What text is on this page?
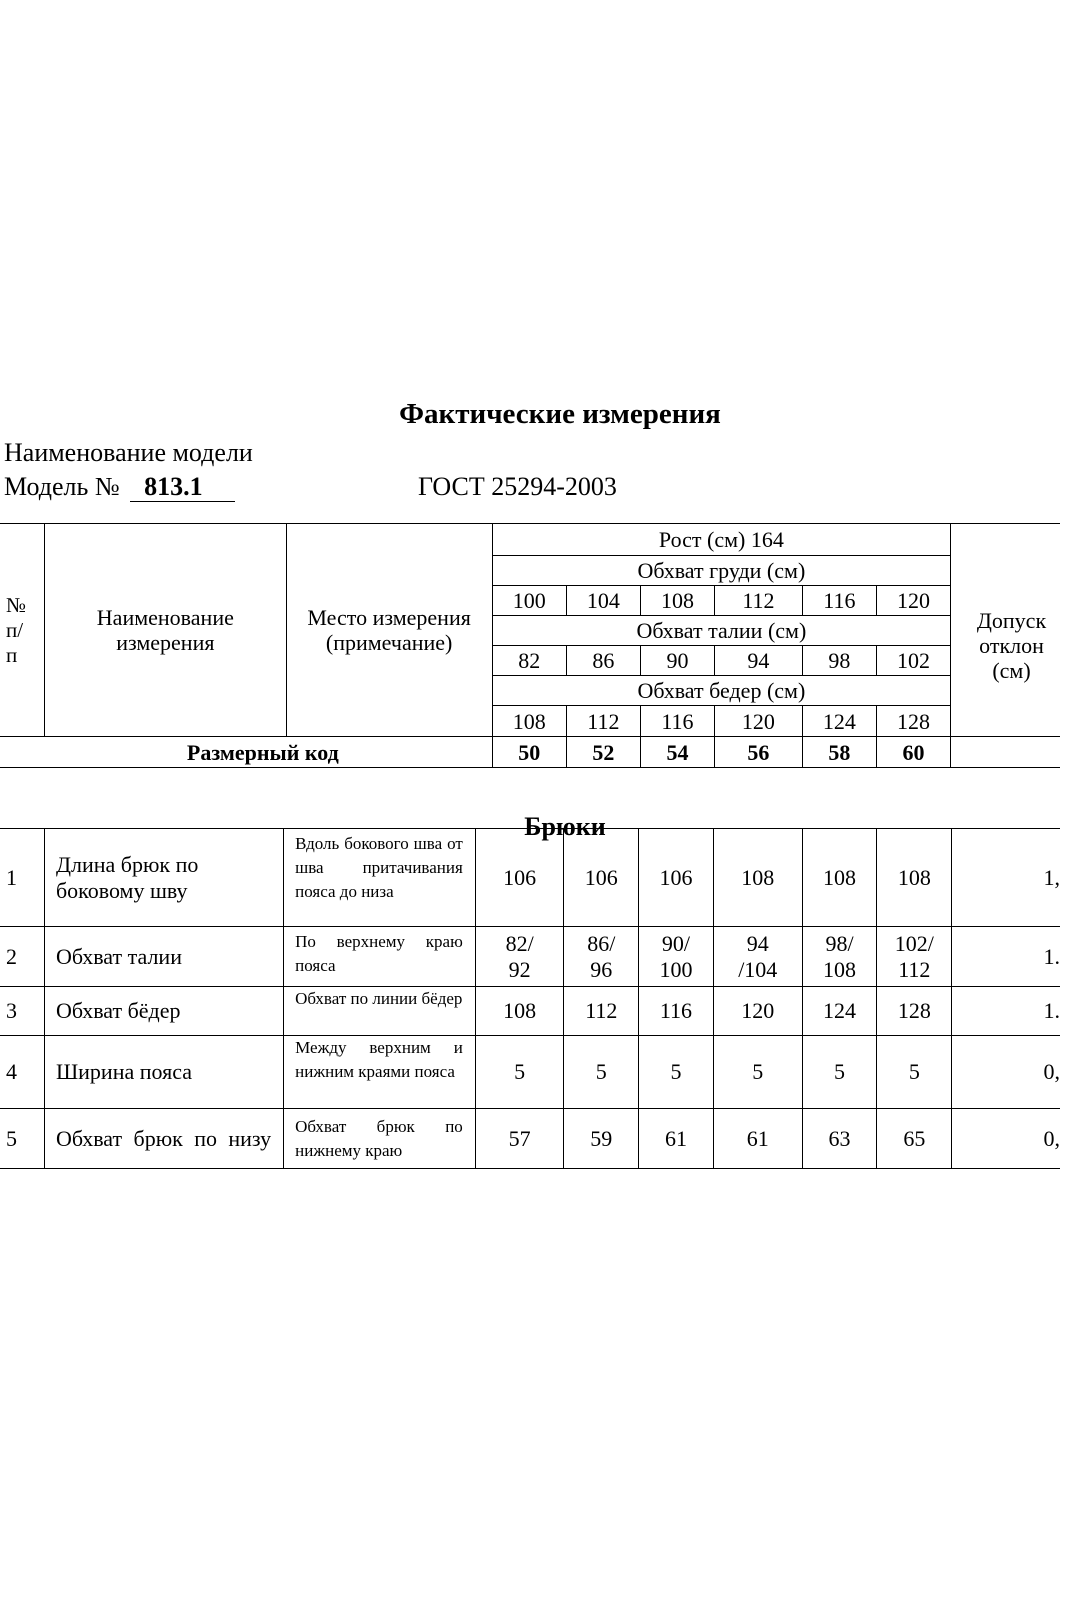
Фактические измерения
Наименование модели
Модель № 813.1	ГОСТ 25294-2003
№
п/
п	Наименование измерения	Место измерения (примечание)	Рост (см) 164						
			Обхват груди (см)						Допуск отклон (см)
			100	104	108	112	116	120	
			Обхват талии (см)						
			82	86	90	94	98	102	
			Обхват бедер (см)						
			108	112	116	120	124	128	
Размерный код			50	52	54	56	58	60	
Брюки
1	Длина брюк по боковому шву	Вдоль бокового шва от шва притачивания пояса до низа	106	106	106	108	108	108	1,
2	Обхват талии	По верхнему краю пояса	82/ 92	86/ 96	90/ 100	94 /104	98/ 108	102/ 112	1.
3	Обхват бёдер	Обхват по линии бёдер	108	112	116	120	124	128	1.
4	Ширина пояса	Между верхним и нижним краями пояса	5	5	5	5	5	5	0,
5	Обхват брюк по низу	Обхват брюк по нижнему краю	57	59	61	61	63	65	0,
